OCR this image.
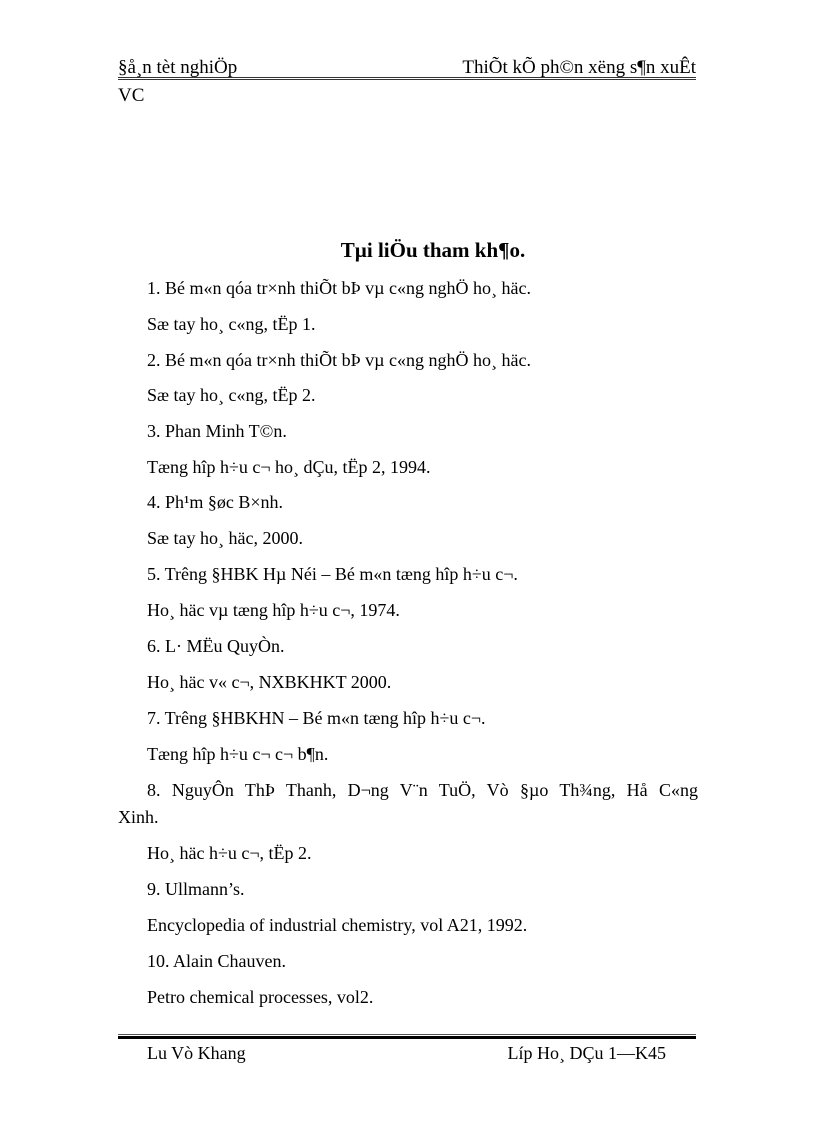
§å¸n tèt nghiÖp	ThiÕt kÕ ph©n xëng s¶n xuÊt
VC
Tµi liÖu tham kh¶o.
1. Bé m«n qóa tr×nh thiÕt bÞ vµ c«ng nghÖ ho¸ häc.
Sæ tay ho¸ c«ng, tËp 1.
2. Bé m«n qóa tr×nh thiÕt bÞ vµ c«ng nghÖ ho¸ häc.
Sæ tay ho¸ c«ng, tËp 2.
3. Phan Minh T©n.
Tæng hîp h÷u c¬ ho¸ dÇu, tËp 2, 1994.
4. Ph¹m §øc B×nh.
Sæ tay ho¸ häc, 2000.
5. Trêng §HBK Hµ Néi – Bé m«n tæng hîp h÷u c¬.
Ho¸ häc vµ tæng hîp h÷u c¬, 1974.
6. L· MËu QuyÒn.
Ho¸ häc v« c¬, NXBKHKT 2000.
7. Trêng §HBKHN – Bé m«n tæng hîp h÷u c¬.
Tæng hîp h÷u c¬ c¬ b¶n.
8. NguyÔn ThÞ Thanh, D¬ng V¨n TuÖ, Vò §µo Th¾ng, Hå C«ng
Xinh.
Ho¸ häc h÷u c¬, tËp 2.
9. Ullmann’s.
Encyclopedia of industrial chemistry, vol A21, 1992.
10. Alain Chauven.
Petro chemical processes, vol2.
Lu Vò Khang	Líp Ho¸ DÇu 1—K45
